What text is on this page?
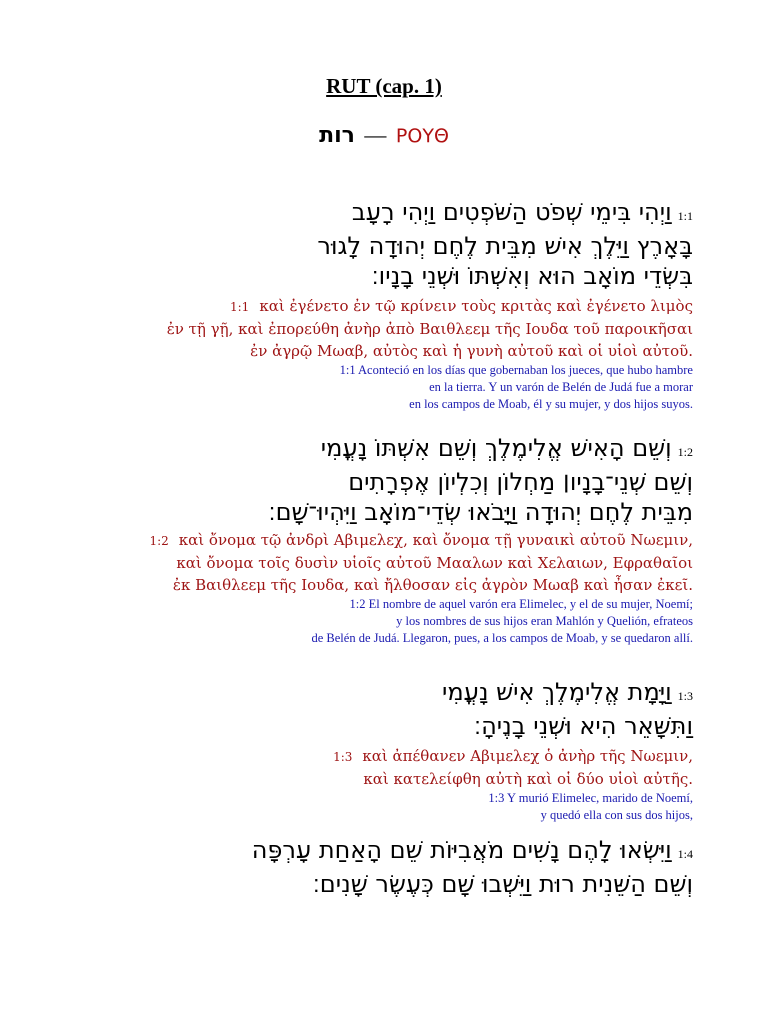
RUT (cap. 1)
רות — ΡΟΥΘ
1:1וַיְהִי בִּימֵי שְׁפֹט הַשֹּׁפְטִים וַיְהִי רָעָב
בָּאָרֶץ וַיֵּלֶךְ אִישׁ מִבֵּית לֶחֶם יְהוּדָה לָגוּר
בִּשְׂדֵי מוֹאָב הוּא וְאִשְׁתּוֹ וּשְׁנֵי בָנָיו׃
1:1 καὶ ἐγένετο ἐν τῷ κρίνειν τοὺς κριτὰς καὶ ἐγένετο λιμὸς
ἐν τῇ γῇ, καὶ ἐπορεύθη ἀνὴρ ἀπὸ Βαιθλεεμ τῆς Ιουδα τοῦ παροικῆσαι
ἐν ἀγρῷ Μωαβ, αὐτὸς καὶ ἡ γυνὴ αὐτοῦ καὶ οἱ υἱοὶ αὐτοῦ.
1:1 Aconteció en los días que gobernaban los jueces, que hubo hambre
en la tierra. Y un varón de Belén de Judá fue a morar
en los campos de Moab, él y su mujer, y dos hijos suyos.
1:2וְשֵׁם הָאִישׁ אֱלִימֶלֶךְ וְשֵׁם אִשְׁתּוֹ נָעֳמִי
וְשֵׁם שְׁנֵי־בָנָיו׀ מַחְלוֹן וְכִלְיוֹן אֶפְרָתִים
מִבֵּית לֶחֶם יְהוּדָה וַיָּבֹאוּ שְׂדֵי־מוֹאָב וַיִּהְיוּ־שָׁם׃
1:2 καὶ ὄνομα τῷ ἀνδρὶ Αβιμελεχ, καὶ ὄνομα τῇ γυναικὶ αὐτοῦ Νωεμιν,
καὶ ὄνομα τοῖς δυσὶν υἱοῖς αὐτοῦ Μααλων καὶ Χελαιων, Εφραθαῖοι
ἐκ Βαιθλεεμ τῆς Ιουδα, καὶ ἤλθοσαν εἰς ἀγρὸν Μωαβ καὶ ἦσαν ἐκεῖ.
1:2 El nombre de aquel varón era Elimelec, y el de su mujer, Noemí;
y los nombres de sus hijos eran Mahlón y Quelión, efrateos
de Belén de Judá. Llegaron, pues, a los campos de Moab, y se quedaron allí.
1:3וַיָּמָת אֱלִימֶלֶךְ אִישׁ נָעֳמִי
וַתִּשָּׁאֵר הִיא וּשְׁנֵי בָנֶיהָ׃
1:3 καὶ ἀπέθανεν Αβιμελεχ ὁ ἀνὴρ τῆς Νωεμιν,
καὶ κατελείφθη αὐτὴ καὶ οἱ δύο υἱοὶ αὐτῆς.
1:3 Y murió Elimelec, marido de Noemí,
y quedó ella con sus dos hijos,
1:4וַיִּשְׂאוּ לָהֶם נָשִׁים מֹאֲבִיּוֹת שֵׁם הָאַחַת עָרְפָּה
וְשֵׁם הַשֵּׁנִית רוּת וַיֵּשְׁבוּ שָׁם כְּעֶשֶׂר שָׁנִים׃
